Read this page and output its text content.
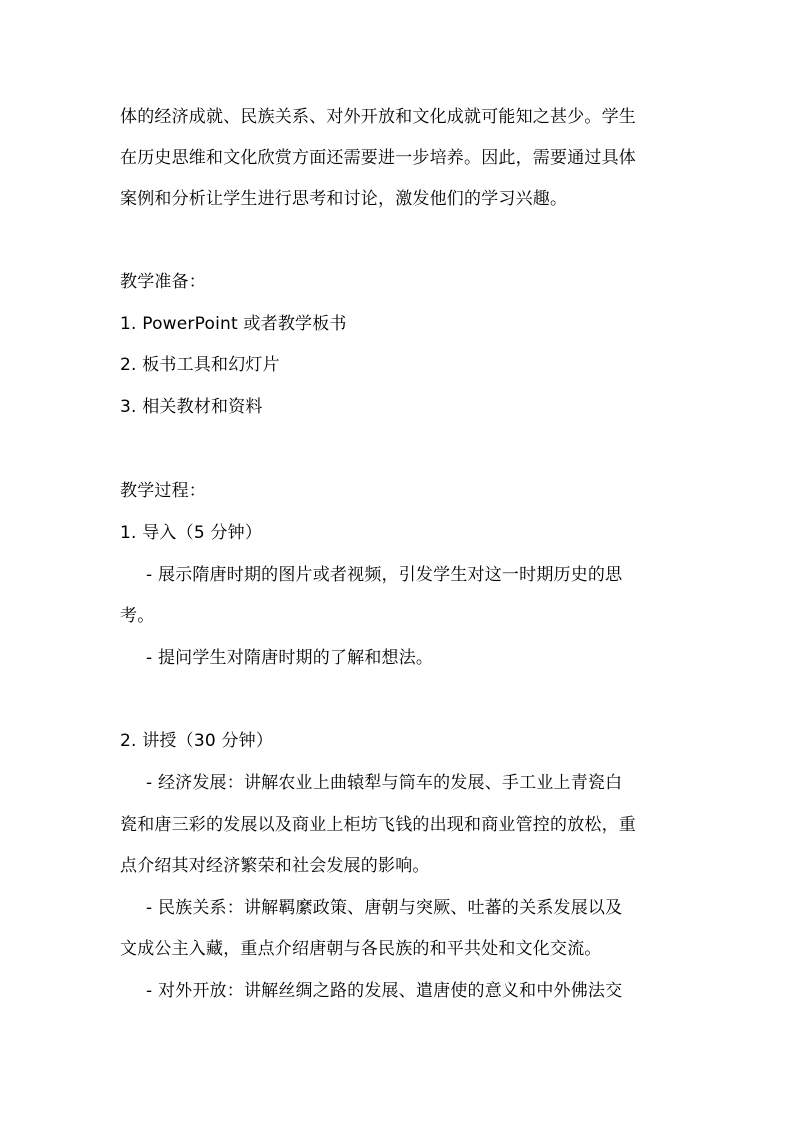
体的经济成就、民族关系、对外开放和文化成就可能知之甚少。学生
在历史思维和文化欣赏方面还需要进一步培养。因此，需要通过具体
案例和分析让学生进行思考和讨论，激发他们的学习兴趣。
教学准备：
1. PowerPoint 或者教学板书
2. 板书工具和幻灯片
3. 相关教材和资料
教学过程：
1. 导入（5 分钟）
- 展示隋唐时期的图片或者视频，引发学生对这一时期历史的思
考。
- 提问学生对隋唐时期的了解和想法。
2. 讲授（30 分钟）
- 经济发展：讲解农业上曲辕犁与筒车的发展、手工业上青瓷白
瓷和唐三彩的发展以及商业上柜坊飞钱的出现和商业管控的放松，重
点介绍其对经济繁荣和社会发展的影响。
- 民族关系：讲解羁縻政策、唐朝与突厥、吐蕃的关系发展以及
文成公主入藏，重点介绍唐朝与各民族的和平共处和文化交流。
- 对外开放：讲解丝绸之路的发展、遣唐使的意义和中外佛法交
